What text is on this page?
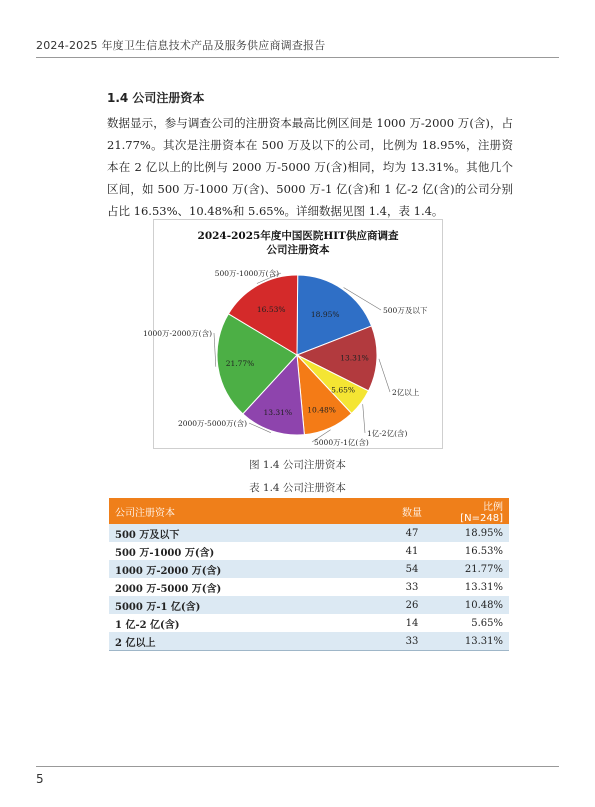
2024-2025 年度卫生信息技术产品及服务供应商调查报告
1.4 公司注册资本

数据显示，参与调查公司的注册资本最高比例区间是 1000 万-2000 万(含)，占 21.77%。其次是注册资本在 500 万及以下的公司，比例为 18.95%，注册资本在 2 亿以上的比例与 2000 万-5000 万(含)相同，均为 13.31%。其他几个区间，如 500 万-1000 万(含)、5000 万-1 亿(含)和 1 亿-2 亿(含)的公司分别占比 16.53%、10.48%和 5.65%。详细数据见图 1.4，表 1.4。

2024-2025年度中国医院HIT供应商调查
公司注册资本
18.95%
13.31%
5.65%
10.48%
13.31%
21.77%
16.53%	500万及以下
2亿以上
1亿-2亿(含)
5000万-1亿(含)
2000万-5000万(含)
1000万-2000万(含)
500万-1000万(含)
图 1.4 公司注册资本
表 1.4 公司注册资本
公司注册资本	数量	比例 [N=248]
500 万及以下	47	18.95%
500 万-1000 万(含)	41	16.53%
1000 万-2000 万(含)	54	21.77%
2000 万-5000 万(含)	33	13.31%
5000 万-1 亿(含)	26	10.48%
1 亿-2 亿(含)	14	5.65%
2 亿以上	33	13.31%
5
